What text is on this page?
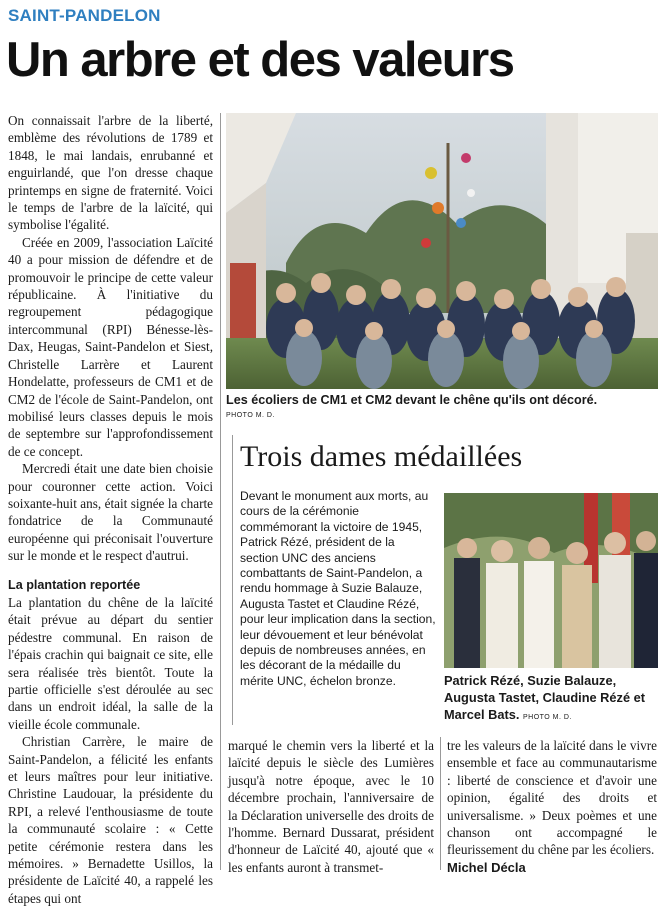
SAINT-PANDELON
Un arbre et des valeurs

On connaissait l'arbre de la liberté, emblème des révolutions de 1789 et 1848, le mai landais, enrubanné et enguirlandé, que l'on dresse chaque printemps en signe de fraternité. Voici le temps de l'arbre de la laïcité, qui symbolise l'égalité.

Créée en 2009, l'association Laïcité 40 a pour mission de défendre et de promouvoir le principe de cette valeur républicaine. À l'initiative du regroupement pédagogique intercommunal (RPI) Bénesse-lès-Dax, Heugas, Saint-Pandelon et Siest, Christelle Larrère et Laurent Hondelatte, professeurs de CM1 et de CM2 de l'école de Saint-Pandelon, ont mobilisé leurs classes depuis le mois de septembre sur l'approfondissement de ce concept.

Mercredi était une date bien choisie pour couronner cette action. Voici soixante-huit ans, était signée la charte fondatrice de la Communauté européenne qui préconisait l'ouverture sur le monde et le respect d'autrui.

La plantation reportée

La plantation du chêne de la laïcité était prévue au départ du sentier pédestre communal. En raison de l'épais crachin qui baignait ce site, elle sera réalisée très bientôt. Toute la partie officielle s'est déroulée au sec dans un endroit idéal, la salle de la vieille école communale.

Christian Carrère, le maire de Saint-Pandelon, a félicité les enfants et leurs maîtres pour leur initiative. Christine Laudouar, la présidente du RPI, a relevé l'enthousiasme de toute la communauté scolaire : « Cette petite cérémonie restera dans les mémoires. » Bernadette Usillos, la présidente de Laïcité 40, a rappelé les étapes qui ont

Les écoliers de CM1 et CM2 devant le chêne qu'ils ont décoré.
PHOTO M. D.
Trois dames médaillées
Devant le monument aux morts, au cours de la cérémonie commémorant la victoire de 1945, Patrick Rézé, président de la section UNC des anciens combattants de Saint-Pandelon, a rendu hommage à Suzie Balauze, Augusta Tastet et Claudine Rézé, pour leur implication dans la section, leur dévouement et leur bénévolat depuis de nombreuses années, en les décorant de la médaille du mérite UNC, échelon bronze.	Patrick Rézé, Suzie Balauze, Augusta Tastet, Claudine Rézé et Marcel Bats. PHOTO M. D.

marqué le chemin vers la liberté et la laïcité depuis le siècle des Lumières jusqu'à notre époque, avec le 10 décembre prochain, l'anniversaire de la Déclaration universelle des droits de l'homme. Bernard Dussarat, président d'honneur de Laïcité 40, ajouté que « les enfants auront à transmet-

tre les valeurs de la laïcité dans le vivre ensemble et face au communautarisme : liberté de conscience et d'avoir une opinion, égalité des droits et universalisme. » Deux poèmes et une chanson ont accompagné le fleurissement du chêne par les écoliers.

Michel Décla
